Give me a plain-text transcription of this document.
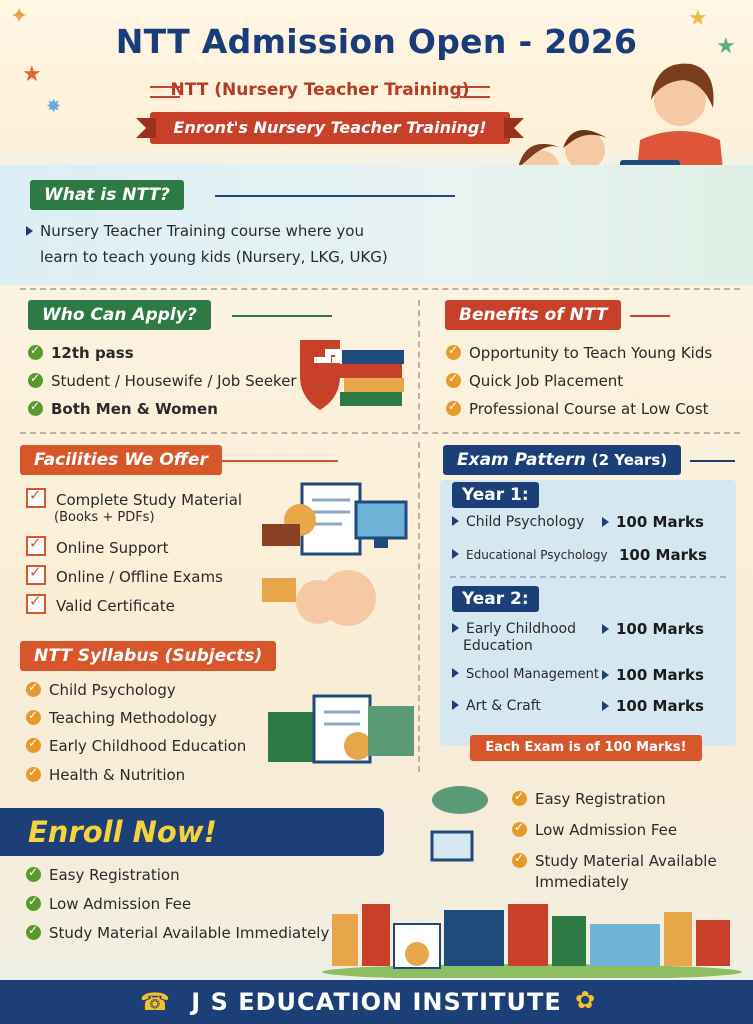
✦
★
✸
★
★
NTT Admission Open - 2026
NTT (Nursery Teacher Training)
Enront's Nursery Teacher Training!
What is NTT?
Nursery Teacher Training course where you
learn to teach young kids (Nursery, LKG, UKG)
Who Can Apply?
✓12th pass
✓Student / Housewife / Job Seeker
✓Both Men & Women
Benefits of NTT
✓Opportunity to Teach Young Kids
✓Quick Job Placement
✓Professional Course at Low Cost
Facilities We Offer
✓Complete Study Material
(Books + PDFs)
✓Online Support
✓Online / Offline Exams
✓Valid Certificate
Exam Pattern (2 Years)
Year 1:
Child Psychology	100 Marks
Educational Psychology 100 Marks
Year 2:
Early Childhood
Education
100 Marks
School Management	100 Marks
Art & Craft	100 Marks
Each Exam is of 100 Marks!
NTT Syllabus (Subjects)
✓Child Psychology
✓Teaching Methodology
✓Early Childhood Education
✓Health & Nutrition
Enroll Now!
✓Easy Registration
✓Low Admission Fee
✓Study Material Available Immediately
✓Easy Registration
✓Low Admission Fee
✓Study Material Available
Immediately
☎ J S EDUCATION INSTITUTE ✿
